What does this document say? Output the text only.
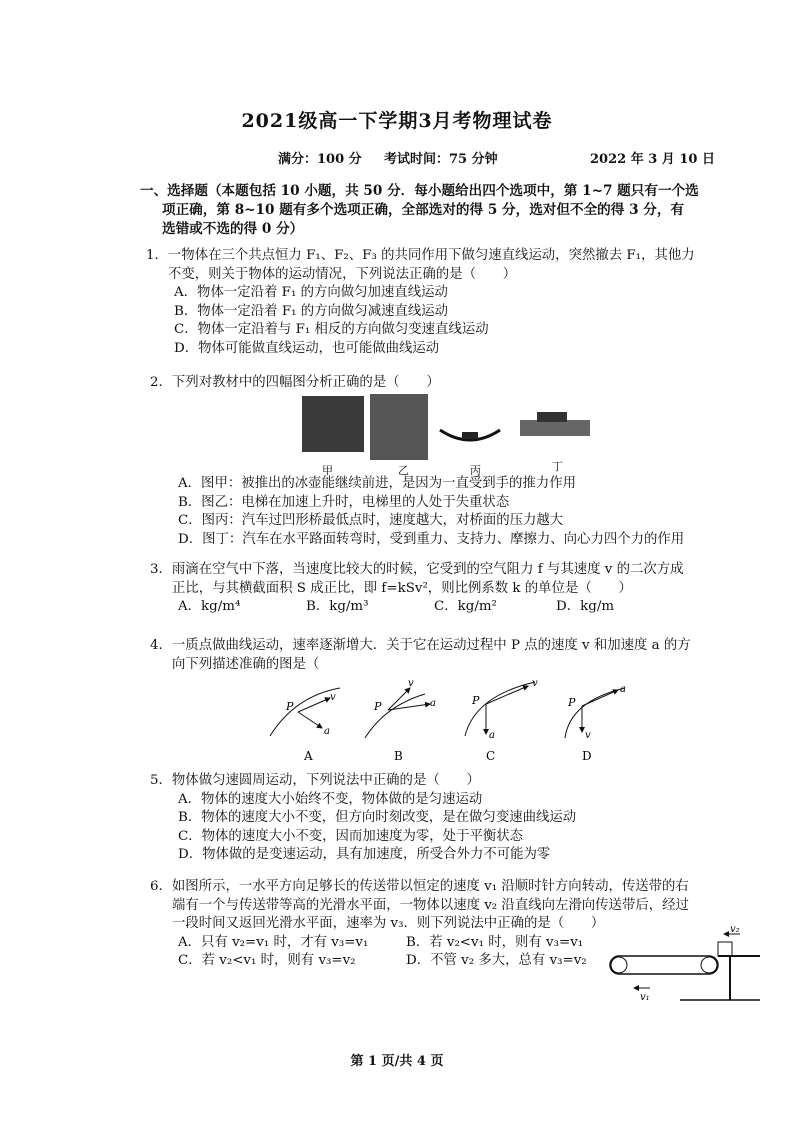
2021级高一下学期3月考物理试卷
满分：100 分 考试时间：75 分钟	2022 年 3 月 10 日

一、选择题（本题包括 10 小题，共 50 分．每小题给出四个选项中，第 1~7 题只有一个选

项正确，第 8~10 题有多个选项正确，全部选对的得 5 分，选对但不全的得 3 分，有

选错或不选的得 0 分）

1．一物体在三个共点恒力 F₁、F₂、F₃ 的共同作用下做匀速直线运动，突然撤去 F₁，其他力

不变，则关于物体的运动情况，下列说法正确的是（　　）

A．物体一定沿着 F₁ 的方向做匀加速直线运动

B．物体一定沿着 F₁ 的方向做匀减速直线运动

C．物体一定沿着与 F₁ 相反的方向做匀变速直线运动

D．物体可能做直线运动，也可能做曲线运动

2．下列对教材中的四幅图分析正确的是（　　）

甲	乙	丙	丁

A．图甲：被推出的冰壶能继续前进，是因为一直受到手的推力作用

B．图乙：电梯在加速上升时，电梯里的人处于失重状态

C．图丙：汽车过凹形桥最低点时，速度越大，对桥面的压力越大

D．图丁：汽车在水平路面转弯时，受到重力、支持力、摩擦力、向心力四个力的作用

3．雨滴在空气中下落，当速度比较大的时候，它受到的空气阻力 f 与其速度 v 的二次方成

正比，与其横截面积 S 成正比，即 f=kSv²，则比例系数 k 的单位是（　　）

A．kg/m⁴	B．kg/m³	C．kg/m²	D．kg/m

4．一质点做曲线运动，速率逐渐增大．关于它在运动过程中 P 点的速度 v 和加速度 a 的方

向下列描述准确的图是（

P
v
a
A
P
v
a
B
P
v
a
C
P
a
v
D

5．物体做匀速圆周运动，下列说法中正确的是（　　）

A．物体的速度大小始终不变，物体做的是匀速运动

B．物体的速度大小不变，但方向时刻改变，是在做匀变速曲线运动

C．物体的速度大小不变，因而加速度为零，处于平衡状态

D．物体做的是变速运动，具有加速度，所受合外力不可能为零

6．如图所示，一水平方向足够长的传送带以恒定的速度 v₁ 沿顺时针方向转动，传送带的右

端有一个与传送带等高的光滑水平面，一物体以速度 v₂ 沿直线向左滑向传送带后，经过

一段时间又返回光滑水平面，速率为 v₃．则下列说法中正确的是（　　）

A．只有 v₂=v₁ 时，才有 v₃=v₁	B．若 v₂<v₁ 时，则有 v₃=v₁
C．若 v₂<v₁ 时，则有 v₃=v₂	D．不管 v₂ 多大，总有 v₃=v₂
v₂
v₁
第 1 页/共 4 页
